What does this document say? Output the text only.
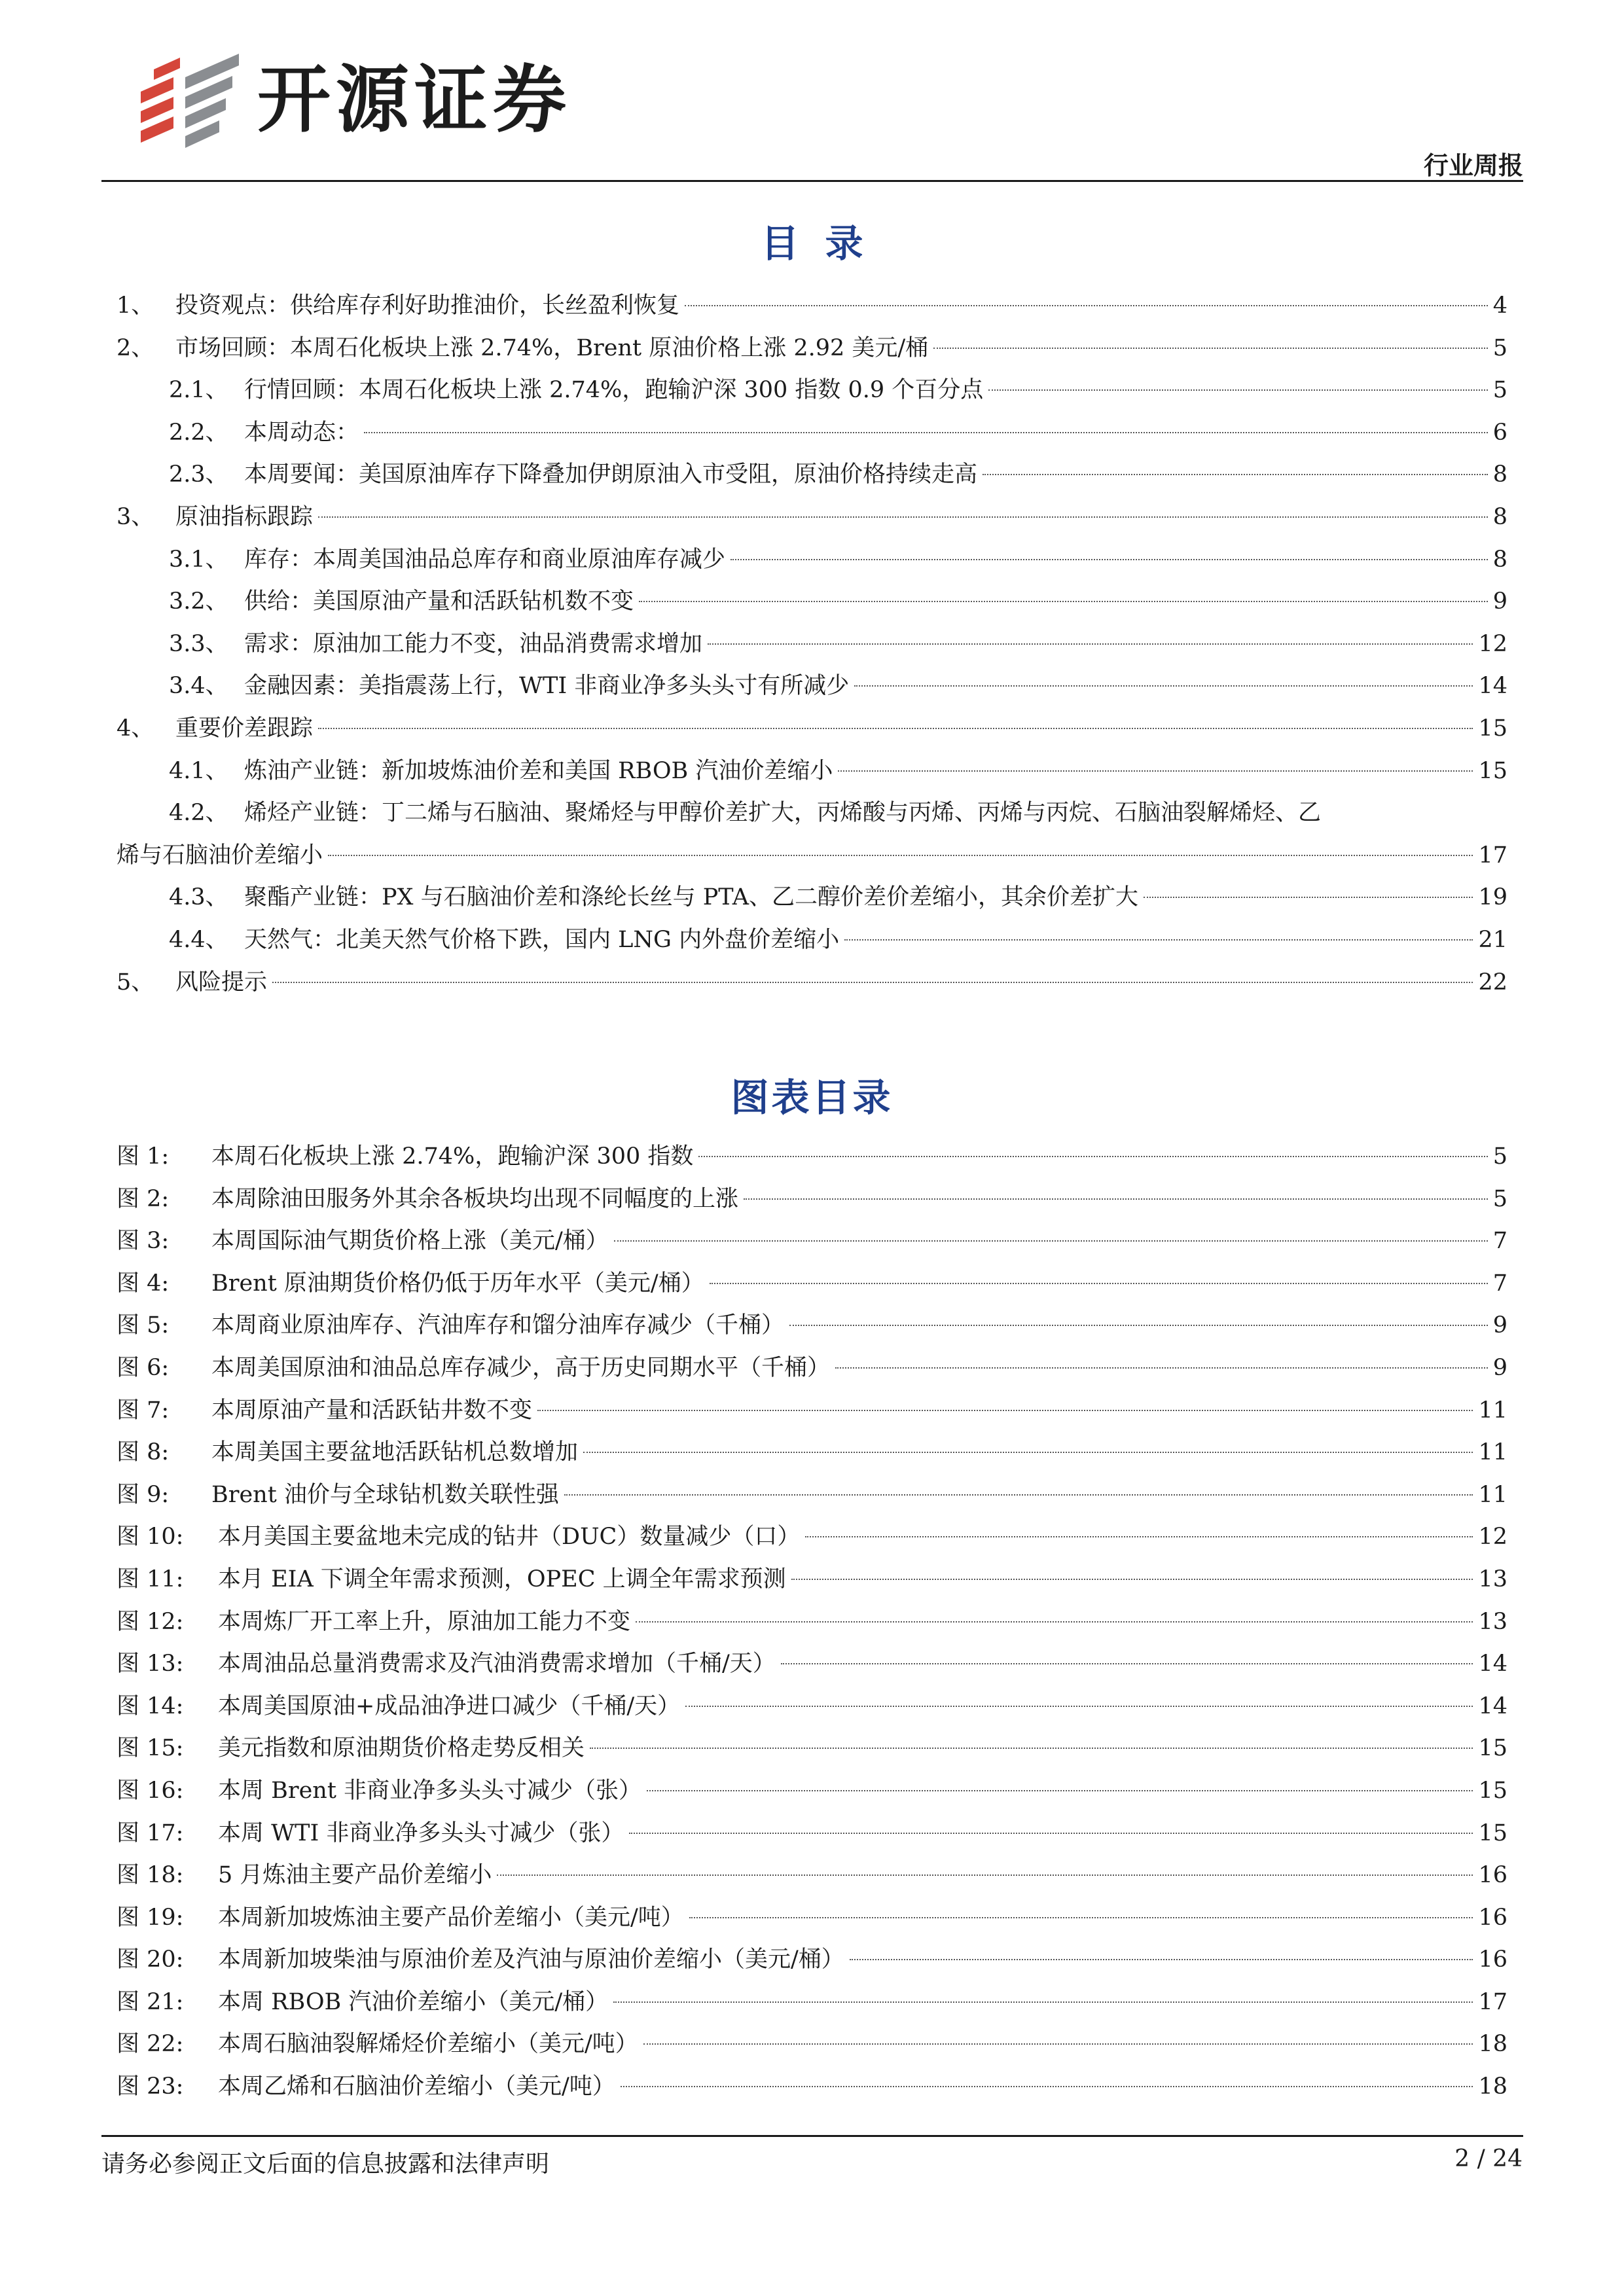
开源证券
行业周报
目录
1、 投资观点：供给库存利好助推油价，长丝盈利恢复	4
2、 市场回顾：本周石化板块上涨 2.74%，Brent 原油价格上涨 2.92 美元/桶	5
2.1、 行情回顾：本周石化板块上涨 2.74%，跑输沪深 300 指数 0.9 个百分点	5
2.2、 本周动态：	6
2.3、 本周要闻：美国原油库存下降叠加伊朗原油入市受阻，原油价格持续走高	8
3、 原油指标跟踪	8
3.1、 库存：本周美国油品总库存和商业原油库存减少	8
3.2、 供给：美国原油产量和活跃钻机数不变	9
3.3、 需求：原油加工能力不变，油品消费需求增加	12
3.4、 金融因素：美指震荡上行，WTI 非商业净多头头寸有所减少	14
4、 重要价差跟踪	15
4.1、 炼油产业链：新加坡炼油价差和美国 RBOB 汽油价差缩小	15
4.2、 烯烃产业链：丁二烯与石脑油、聚烯烃与甲醇价差扩大，丙烯酸与丙烯、丙烯与丙烷、石脑油裂解烯烃、乙
烯与石脑油价差缩小	17
4.3、 聚酯产业链：PX 与石脑油价差和涤纶长丝与 PTA、乙二醇价差价差缩小，其余价差扩大	19
4.4、 天然气：北美天然气价格下跌，国内 LNG 内外盘价差缩小	21
5、 风险提示	22
图表目录
图 1:	本周石化板块上涨 2.74%，跑输沪深 300 指数	5
图 2:	本周除油田服务外其余各板块均出现不同幅度的上涨	5
图 3:	本周国际油气期货价格上涨（美元/桶）	7
图 4:	Brent 原油期货价格仍低于历年水平（美元/桶）	7
图 5:	本周商业原油库存、汽油库存和馏分油库存减少（千桶）	9
图 6:	本周美国原油和油品总库存减少，高于历史同期水平（千桶）	9
图 7:	本周原油产量和活跃钻井数不变	11
图 8:	本周美国主要盆地活跃钻机总数增加	11
图 9:	Brent 油价与全球钻机数关联性强	11
图 10:	本月美国主要盆地未完成的钻井（DUC）数量减少（口）	12
图 11:	本月 EIA 下调全年需求预测，OPEC 上调全年需求预测	13
图 12:	本周炼厂开工率上升，原油加工能力不变	13
图 13:	本周油品总量消费需求及汽油消费需求增加（千桶/天）	14
图 14:	本周美国原油+成品油净进口减少（千桶/天）	14
图 15:	美元指数和原油期货价格走势反相关	15
图 16:	本周 Brent 非商业净多头头寸减少（张）	15
图 17:	本周 WTI 非商业净多头头寸减少（张）	15
图 18:	5 月炼油主要产品价差缩小	16
图 19:	本周新加坡炼油主要产品价差缩小（美元/吨）	16
图 20:	本周新加坡柴油与原油价差及汽油与原油价差缩小（美元/桶）	16
图 21:	本周 RBOB 汽油价差缩小（美元/桶）	17
图 22:	本周石脑油裂解烯烃价差缩小（美元/吨）	18
图 23:	本周乙烯和石脑油价差缩小（美元/吨）	18
请务必参阅正文后面的信息披露和法律声明	2 / 24
